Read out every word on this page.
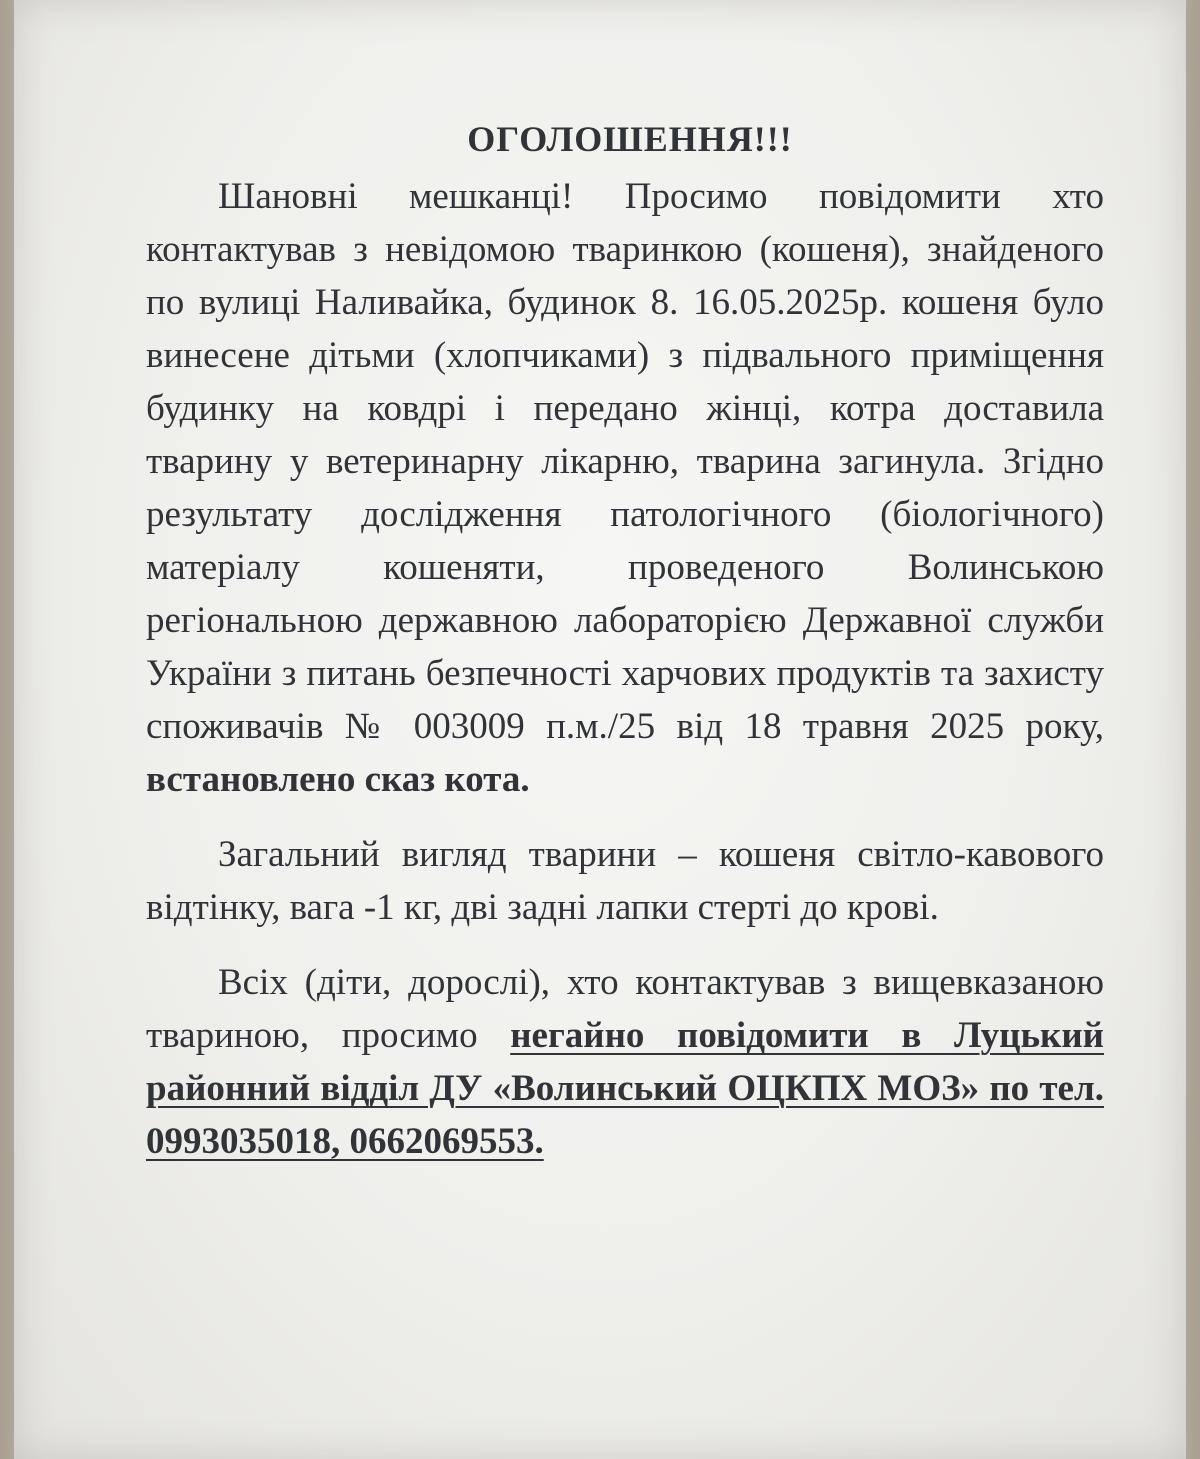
ОГОЛОШЕННЯ!!!

Шановні мешканці! Просимо повідомити хто контактував з невідомою тваринкою (кошеня), знайденого по вулиці Наливайка, будинок 8. 16.05.2025р. кошеня було винесене дітьми (хлопчиками) з підвального приміщення будинку на ковдрі і передано жінці, котра доставила тварину у ветеринарну лікарню, тварина загинула. Згідно результату дослідження патологічного (біологічного) матеріалу кошеняти, проведеного Волинською регіональною державною лабораторією Державної служби України з питань безпечності харчових продуктів та захисту споживачів № 003009 п.м./25 від 18 травня 2025 року, встановлено сказ кота.

Загальний вигляд тварини – кошеня світло-кавового відтінку, вага -1 кг, дві задні лапки стерті до крові.

Всіх (діти, дорослі), хто контактував з вищевказаною твариною, просимо негайно повідомити в Луцький районний відділ ДУ «Волинський ОЦКПХ МОЗ» по тел. 0993035018, 0662069553.
